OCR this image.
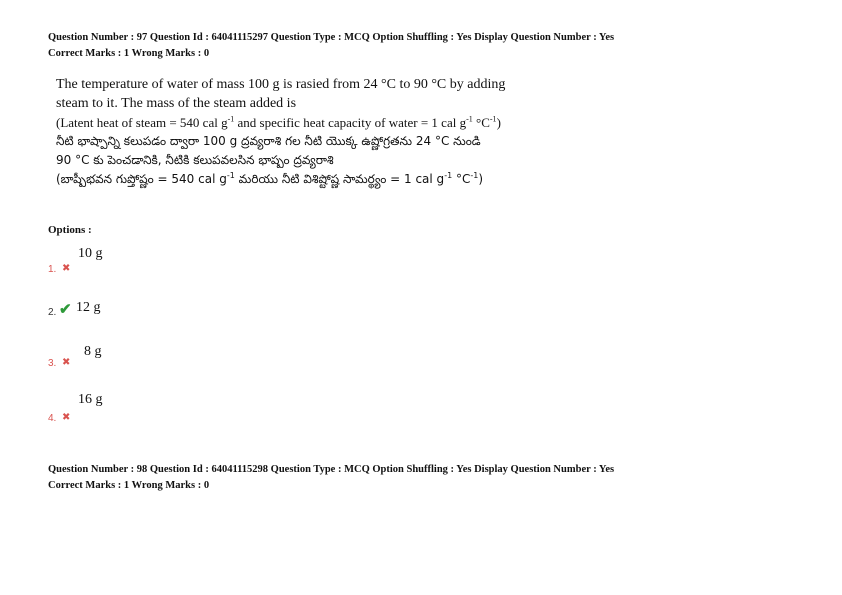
Question Number : 97 Question Id : 64041115297 Question Type : MCQ Option Shuffling : Yes Display Question Number : Yes
Correct Marks : 1 Wrong Marks : 0
The temperature of water of mass 100 g is rasied from 24 °C to 90 °C by adding
steam to it. The mass of the steam added is
(Latent heat of steam = 540 cal $g^{-1}$ and specific heat capacity of water = 1 cal $g^{-1}$ $^\circ C^{-1}$)
నీటి భాష్పాన్ని కలుపడం ద్వారా 100 g ద్రవ్యరాశి గల నీటి యొక్క ఉష్ణోగ్రతను 24 °C నుండి
90 °C కు పెంచడానికి, నీటికి కలుపవలసిన భాష్పం ద్రవ్యరాశి
(బాష్పీభవన గుప్తోష్ణం = 540 cal $g^{-1}$ మరియు నీటి విశిష్టోష్ణ సామర్థ్యం = 1 cal $g^{-1}$ $^\circ C^{-1}$)
Options :
10 g
1. ✖
2. ✔ 12 g
8 g
3. ✖
16 g
4. ✖
Question Number : 98 Question Id : 64041115298 Question Type : MCQ Option Shuffling : Yes Display Question Number : Yes
Correct Marks : 1 Wrong Marks : 0
